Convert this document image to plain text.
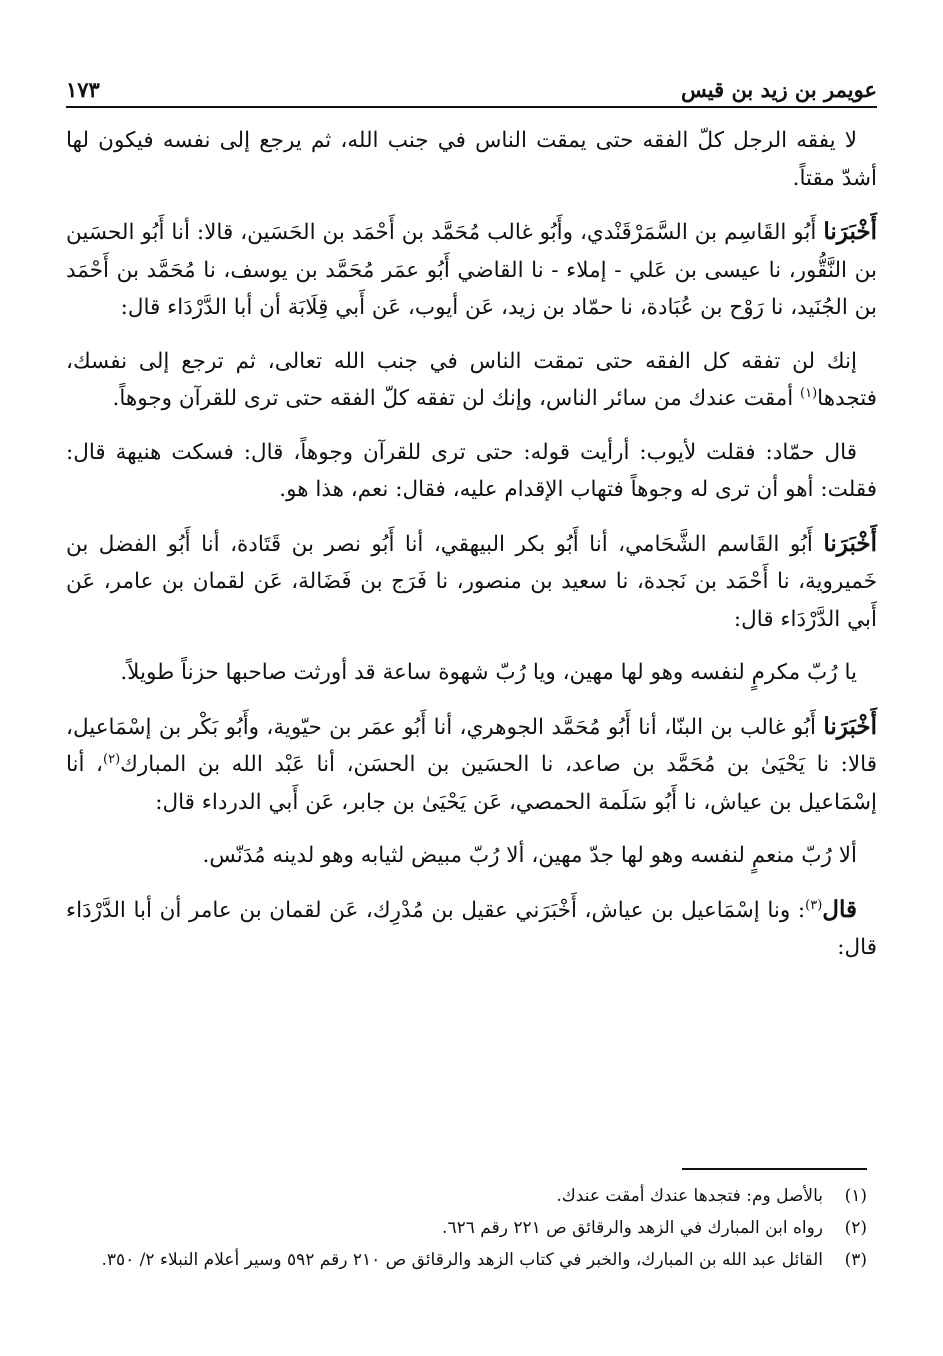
عويمر بن زيد بن قيس
١٧٣

لا يفقه الرجل كلّ الفقه حتى يمقت الناس في جنب الله، ثم يرجع إلى نفسه فيكون لها أشدّ مقتاً.

أَخْبَرَنا أَبُو القَاسِم بن السَّمَرْقَنْدي، وأَبُو غالب مُحَمَّد بن أَحْمَد بن الحَسَين، قالا: أنا أَبُو الحسَين بن النَّقُّور، نا عيسى بن عَلي - إملاء - نا القاضي أَبُو عمَر مُحَمَّد بن يوسف، نا مُحَمَّد بن أَحْمَد بن الجُنَيد، نا رَوْح بن عُبَادة، نا حمّاد بن زيد، عَن أيوب، عَن أَبي قِلَابَة أن أبا الدَّرْدَاء قال:

إنك لن تفقه كل الفقه حتى تمقت الناس في جنب الله تعالى، ثم ترجع إلى نفسك، فتجدها$^{(١)}$ أمقت عندك من سائر الناس، وإنك لن تفقه كلّ الفقه حتى ترى للقرآن وجوهاً.

قال حمّاد: فقلت لأيوب: أرأيت قوله: حتى ترى للقرآن وجوهاً، قال: فسكت هنيهة قال: فقلت: أهو أن ترى له وجوهاً فتهاب الإقدام عليه، فقال: نعم، هذا هو.

أَخْبَرَنا أَبُو القَاسم الشَّحَامي، أنا أَبُو بكر البيهقي، أنا أَبُو نصر بن قَتَادة، أنا أَبُو الفضل بن خَميروية، نا أَحْمَد بن نَجدة، نا سعيد بن منصور، نا فَرَج بن فَضَالة، عَن لقمان بن عامر، عَن أَبي الدَّرْدَاء قال:

يا رُبّ مكرمٍ لنفسه وهو لها مهين، ويا رُبّ شهوة ساعة قد أورثت صاحبها حزناً طويلاً.

أَخْبَرَنا أَبُو غالب بن البنّا، أنا أَبُو مُحَمَّد الجوهري، أنا أَبُو عمَر بن حيّوية، وأَبُو بَكْر بن إسْمَاعيل، قالا: نا يَحْيَىٰ بن مُحَمَّد بن صاعد، نا الحسَين بن الحسَن، أنا عَبْد الله بن المبارك$^{(٢)}$، أنا إسْمَاعيل بن عياش، نا أَبُو سَلَمة الحمصي، عَن يَحْيَىٰ بن جابر، عَن أَبي الدرداء قال:

ألا رُبّ منعمٍ لنفسه وهو لها جدّ مهين، ألا رُبّ مبيض لثيابه وهو لدينه مُدَنّس.

قال$^{(٣)}$: ونا إسْمَاعيل بن عياش، أَخْبَرَني عقيل بن مُدْرِك، عَن لقمان بن عامر أن أبا الدَّرْدَاء قال:

(١)
بالأصل وم: فتجدها عندك أمقت عندك.
(٢)
رواه ابن المبارك في الزهد والرقائق ص ٢٢١ رقم ٦٢٦.
(٣)
القائل عبد الله بن المبارك، والخبر في كتاب الزهد والرقائق ص ٢١٠ رقم ٥٩٢ وسير أعلام النبلاء ٢/ ٣٥٠.
